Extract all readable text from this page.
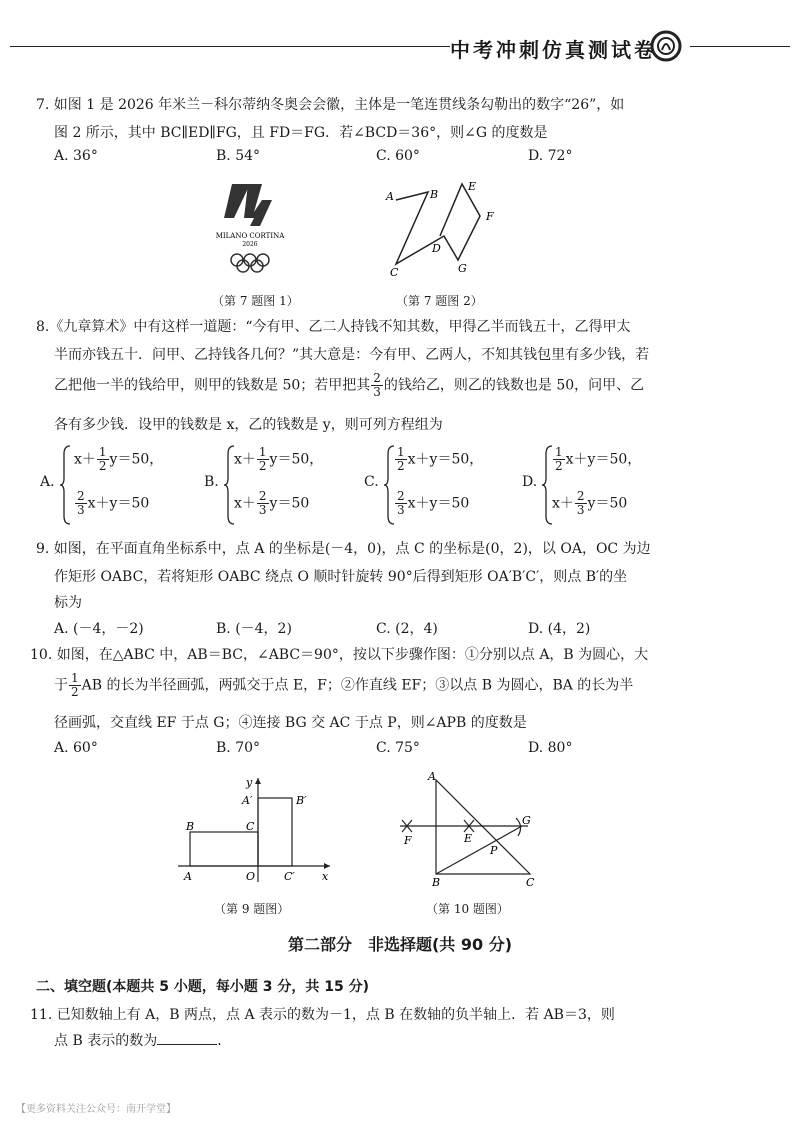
中考冲刺仿真测试卷
7. 如图 1 是 2026 年米兰－科尔蒂纳冬奥会会徽，主体是一笔连贯线条勾勒出的数字“26”，如
图 2 所示，其中 BC∥ED∥FG，且 FD＝FG．若∠BCD＝36°，则∠G 的度数是
A. 36°	B. 54°	C. 60°	D. 72°
MILANO CORTINA
2026
（第 7 题图 1）
A	B
E
F
D
C	G
（第 7 题图 2）
8.《九章算术》中有这样一道题：“今有甲、乙二人持钱不知其数，甲得乙半而钱五十，乙得甲太
半而亦钱五十．问甲、乙持钱各几何？”其大意是：今有甲、乙两人，不知其钱包里有多少钱，若
乙把他一半的钱给甲，则甲的钱数是 50；若甲把其 $\frac{2}{3}$ 的钱给乙，则乙的钱数也是 50，问甲、乙
各有多少钱．设甲的钱数是 x，乙的钱数是 y，则可列方程组为
A.
$x+ \frac{1}{2} y=50$，
$\frac{2}{3} x+y=50$
B.
$x+ \frac{1}{2} y=50$，
$x+ \frac{2}{3} y=50$
C.
$\frac{1}{2} x+y=50$，
$\frac{2}{3} x+y=50$
D.
$\frac{1}{2} x+y=50$，
$x+ \frac{2}{3} y=50$
9. 如图，在平面直角坐标系中，点 A 的坐标是(－4，0)，点 C 的坐标是(0，2)，以 OA，OC 为边
作矩形 OABC，若将矩形 OABC 绕点 O 顺时针旋转 90°后得到矩形 OA′B′C′，则点 B′的坐
标为
A. (－4，－2)	B. (－4，2)	C. (2，4)	D. (4，2)
10. 如图，在△ABC 中，AB＝BC，∠ABC＝90°，按以下步骤作图：①分别以点 A，B 为圆心，大
于 $\frac{1}{2}$ AB 的长为半径画弧，两弧交于点 E，F；②作直线 EF；③以点 B 为圆心，BA 的长为半
径画弧，交直线 EF 于点 G；④连接 BG 交 AC 于点 P，则∠APB 的度数是
A. 60°	B. 70°	C. 75°	D. 80°
y
A′	B′
B	C
A	O	C′ x
（第 9 题图）
A
F	E
G
P
B	C
（第 10 题图）
第二部分　非选择题(共 90 分)
二、填空题(本题共 5 小题，每小题 3 分，共 15 分)
11. 已知数轴上有 A，B 两点，点 A 表示的数为－1，点 B 在数轴的负半轴上．若 AB＝3，则
点 B 表示的数为	．
【更多资料关注公众号：南开学堂】
